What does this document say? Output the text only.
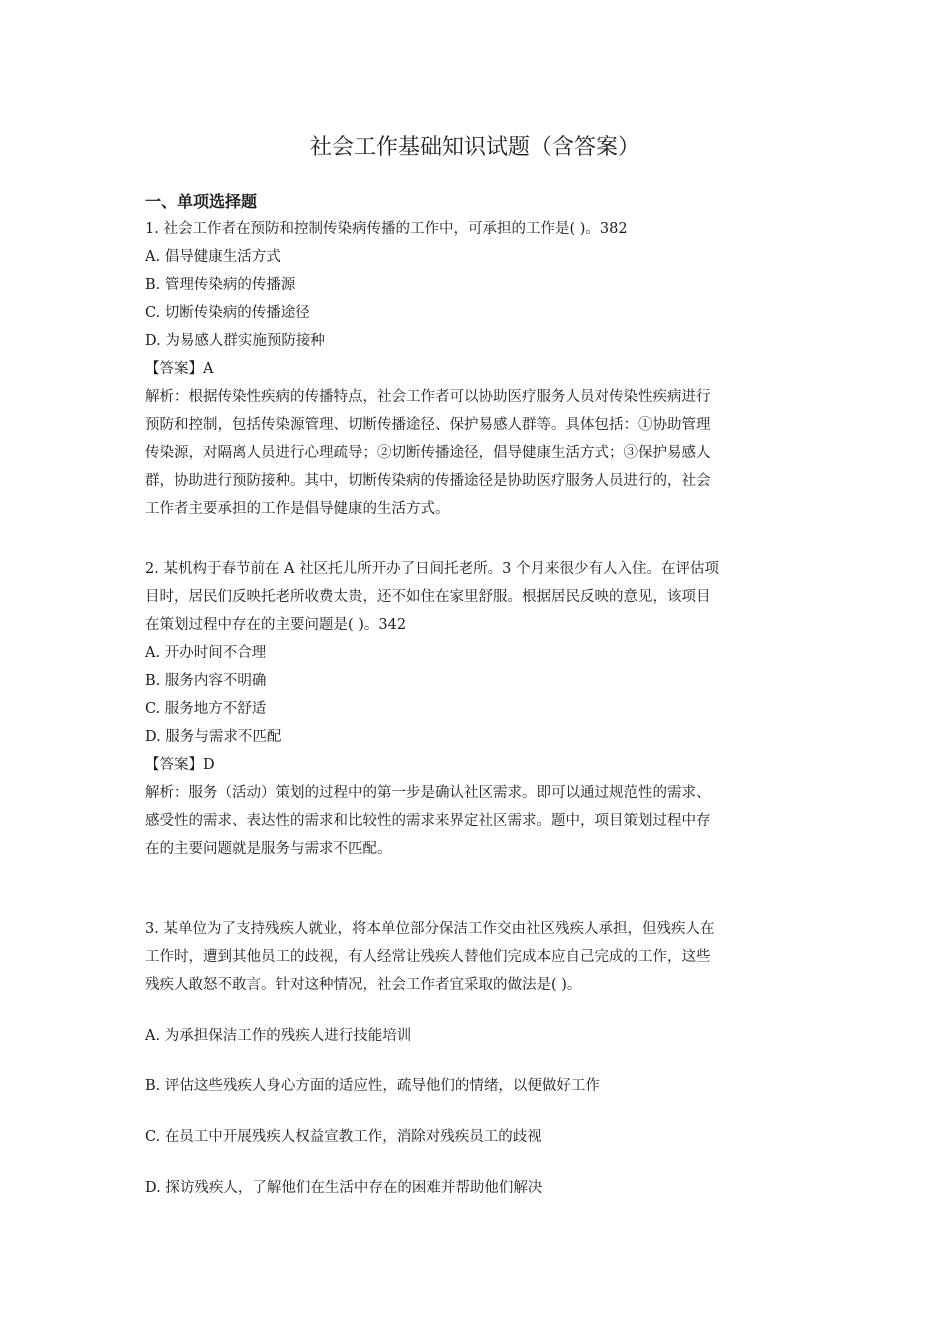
社会工作基础知识试题（含答案）
一、单项选择题
1. 社会工作者在预防和控制传染病传播的工作中，可承担的工作是( )。382
A. 倡导健康生活方式
B. 管理传染病的传播源
C. 切断传染病的传播途径
D. 为易感人群实施预防接种
【答案】A
解析：根据传染性疾病的传播特点，社会工作者可以协助医疗服务人员对传染性疾病进行
预防和控制，包括传染源管理、切断传播途径、保护易感人群等。具体包括：①协助管理
传染源，对隔离人员进行心理疏导；②切断传播途径，倡导健康生活方式；③保护易感人
群，协助进行预防接种。其中，切断传染病的传播途径是协助医疗服务人员进行的，社会
工作者主要承担的工作是倡导健康的生活方式。
2. 某机构于春节前在 A 社区托儿所开办了日间托老所。3 个月来很少有人入住。在评估项
目时，居民们反映托老所收费太贵，还不如住在家里舒服。根据居民反映的意见，该项目
在策划过程中存在的主要问题是( )。342
A. 开办时间不合理
B. 服务内容不明确
C. 服务地方不舒适
D. 服务与需求不匹配
【答案】D
解析：服务（活动）策划的过程中的第一步是确认社区需求。即可以通过规范性的需求、
感受性的需求、表达性的需求和比较性的需求来界定社区需求。题中，项目策划过程中存
在的主要问题就是服务与需求不匹配。
3. 某单位为了支持残疾人就业，将本单位部分保洁工作交由社区残疾人承担，但残疾人在
工作时，遭到其他员工的歧视，有人经常让残疾人替他们完成本应自己完成的工作，这些
残疾人敢怒不敢言。针对这种情况，社会工作者宜采取的做法是( )。
A. 为承担保洁工作的残疾人进行技能培训
B. 评估这些残疾人身心方面的适应性，疏导他们的情绪，以便做好工作
C. 在员工中开展残疾人权益宣教工作，消除对残疾员工的歧视
D. 探访残疾人，了解他们在生活中存在的困难并帮助他们解决
